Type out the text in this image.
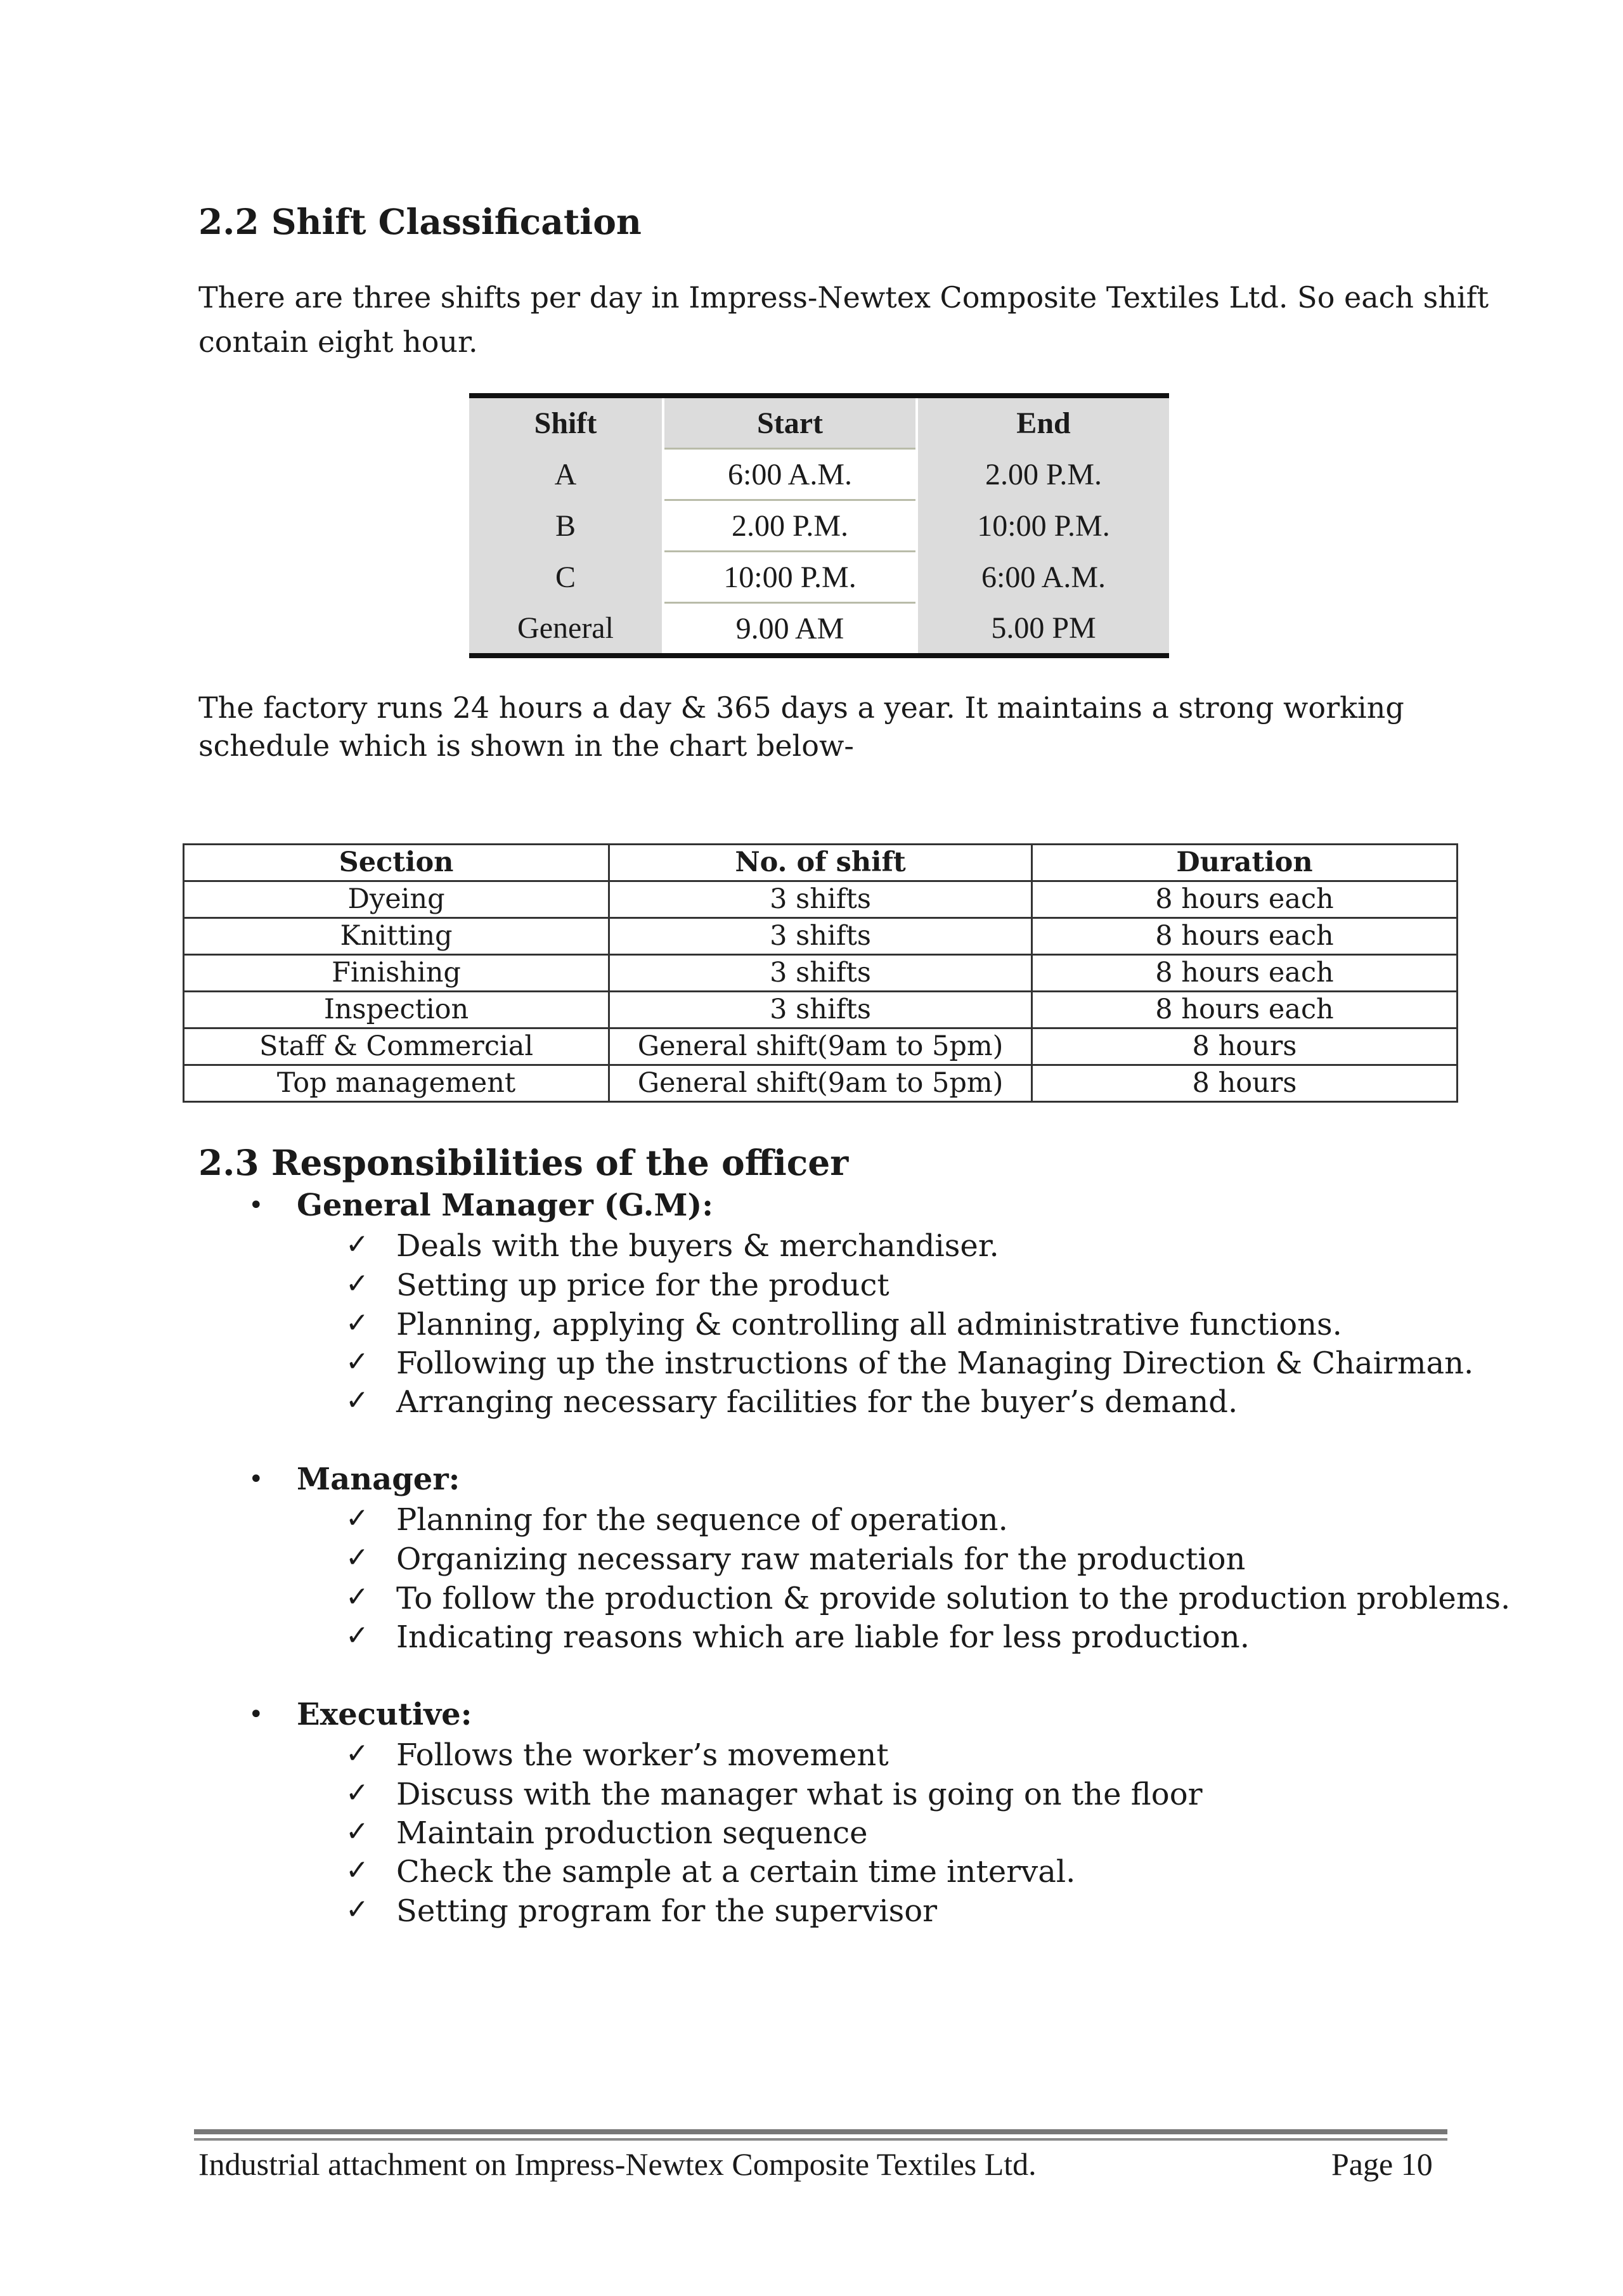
2.2 Shift Classification

There are three shifts per day in Impress-Newtex Composite Textiles Ltd. So each shift

contain eight hour.

Shift	Start	End
A	6:00 A.M.	2.00 P.M.
B	2.00 P.M.	10:00 P.M.
C	10:00 P.M.	6:00 A.M.
General	9.00 AM	5.00 PM

The factory runs 24 hours a day & 365 days a year. It maintains a strong working

schedule which is shown in the chart below-

Section	No. of shift	Duration
Dyeing	3 shifts	8 hours each
Knitting	3 shifts	8 hours each
Finishing	3 shifts	8 hours each
Inspection	3 shifts	8 hours each
Staff & Commercial	General shift(9am to 5pm)	8 hours
Top management	General shift(9am to 5pm)	8 hours
2.3 Responsibilities of the officer
• General Manager (G.M):
✓ Deals with the buyers & merchandiser.
✓ Setting up price for the product
✓ Planning, applying & controlling all administrative functions.
✓ Following up the instructions of the Managing Direction & Chairman.
✓ Arranging necessary facilities for the buyer’s demand.
• Manager:
✓ Planning for the sequence of operation.
✓ Organizing necessary raw materials for the production
✓ To follow the production & provide solution to the production problems.
✓ Indicating reasons which are liable for less production.
• Executive:
✓ Follows the worker’s movement
✓ Discuss with the manager what is going on the floor
✓ Maintain production sequence
✓ Check the sample at a certain time interval.
✓ Setting program for the supervisor
Industrial attachment on Impress-Newtex Composite Textiles Ltd.	Page 10
